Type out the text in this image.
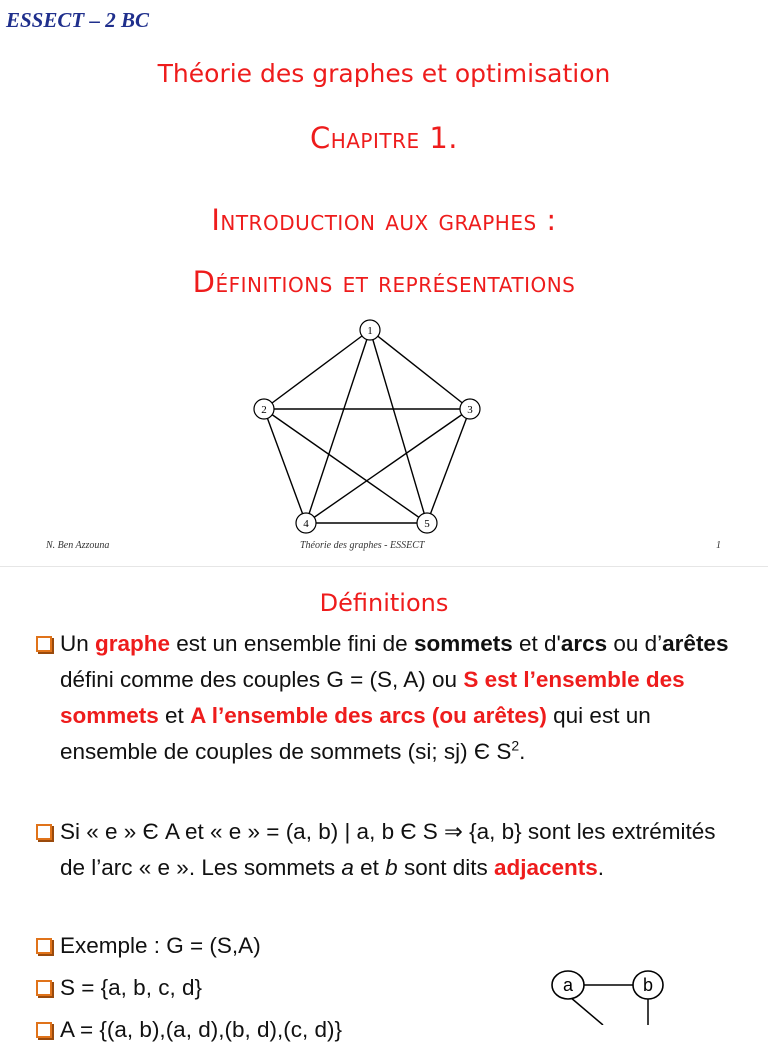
ESSECT – 2 BC

Théorie des graphes et optimisation

Chapitre 1.

Introduction aux graphes :

Définitions et représentations

1
2	3
4	5
N. Ben Azzouna	Théorie des graphes - ESSECT	1

Définitions

Un graphe est un ensemble fini de sommets et d'arcs ou d’arêtes défini comme des couples G = (S, A) ou S est l’ensemble des sommets et A l’ensemble des arcs (ou arêtes) qui est un ensemble de couples de sommets (si; sj) Є $S^2$.

Si « e » Є A et « e » = (a, b) | a, b Є S ⇒ {a, b} sont les extrémités de l’arc « e ». Les sommets a et b sont dits adjacents.

Exemple : G = (S,A)

S = {a, b, c, d}

A = {(a, b),(a, d),(b, d),(c, d)}

a	b
